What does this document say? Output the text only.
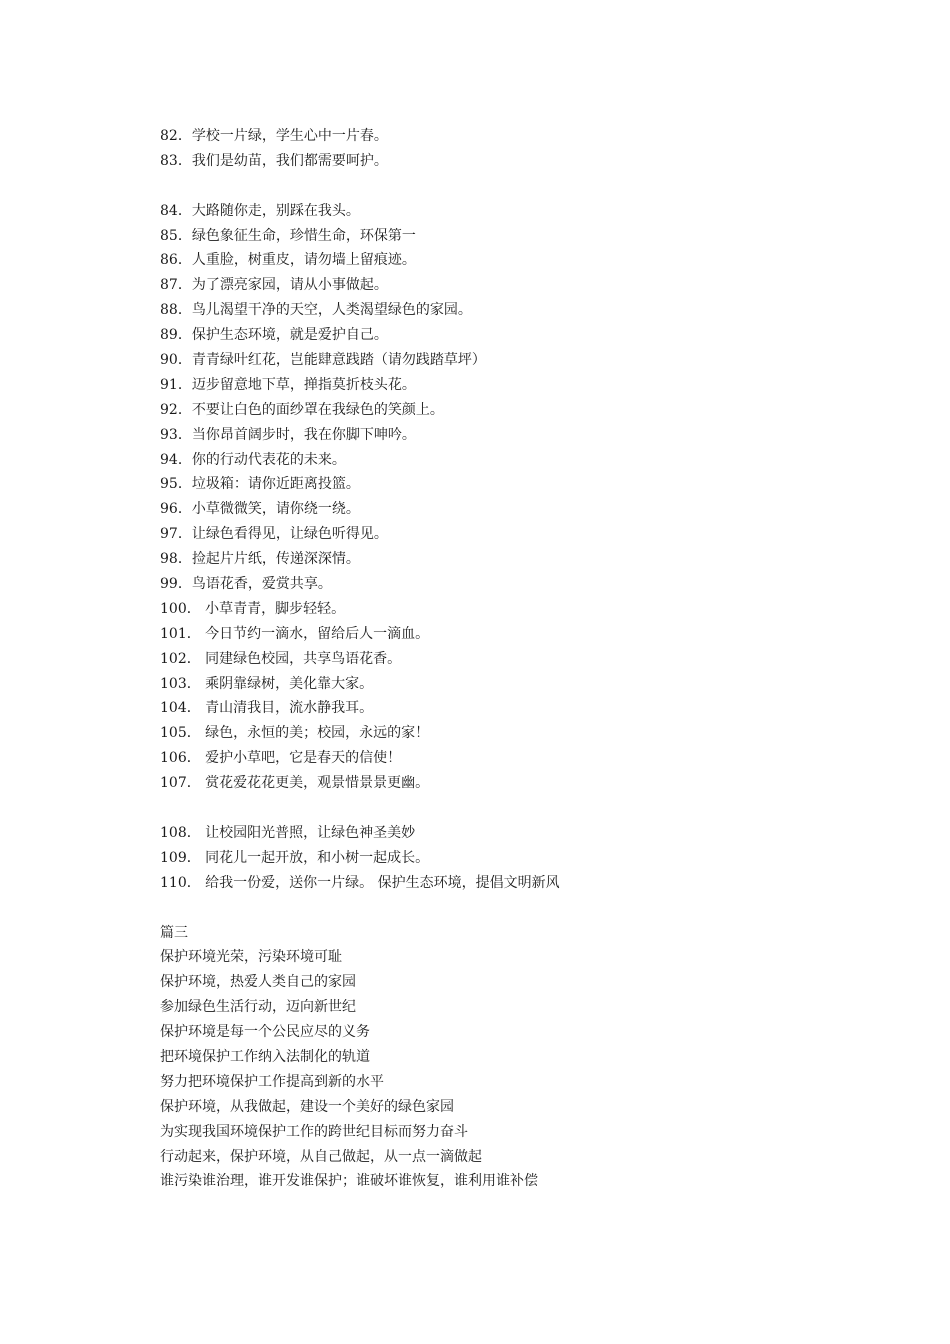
82．学校一片绿，学生心中一片春。
83．我们是幼苗，我们都需要呵护。
84．大路随你走，别踩在我头。
85．绿色象征生命，珍惜生命，环保第一
86．人重脸，树重皮，请勿墙上留痕迹。
87．为了漂亮家园，请从小事做起。
88．鸟儿渴望干净的天空，人类渴望绿色的家园。
89．保护生态环境，就是爱护自己。
90．青青绿叶红花，岂能肆意践踏（请勿践踏草坪）
91．迈步留意地下草，掸指莫折枝头花。
92．不要让白色的面纱罩在我绿色的笑颜上。
93．当你昂首阔步时，我在你脚下呻吟。
94．你的行动代表花的未来。
95．垃圾箱：请你近距离投篮。
96．小草微微笑，请你绕一绕。
97．让绿色看得见，让绿色听得见。
98．捡起片片纸，传递深深情。
99．鸟语花香，爱赏共享。
100． 小草青青，脚步轻轻。
101． 今日节约一滴水，留给后人一滴血。
102． 同建绿色校园，共享鸟语花香。
103． 乘阴靠绿树，美化靠大家。
104． 青山清我目，流水静我耳。
105． 绿色，永恒的美；校园，永远的家！
106． 爱护小草吧，它是春天的信使！
107． 赏花爱花花更美，观景惜景景更幽。
108． 让校园阳光普照，让绿色神圣美妙
109． 同花儿一起开放，和小树一起成长。
110． 给我一份爱，送你一片绿。 保护生态环境，提倡文明新风
篇三
保护环境光荣，污染环境可耻
保护环境，热爱人类自己的家园
参加绿色生活行动，迈向新世纪
保护环境是每一个公民应尽的义务
把环境保护工作纳入法制化的轨道
努力把环境保护工作提高到新的水平
保护环境，从我做起，建设一个美好的绿色家园
为实现我国环境保护工作的跨世纪目标而努力奋斗
行动起来，保护环境，从自己做起，从一点一滴做起
谁污染谁治理，谁开发谁保护；谁破坏谁恢复，谁利用谁补偿
